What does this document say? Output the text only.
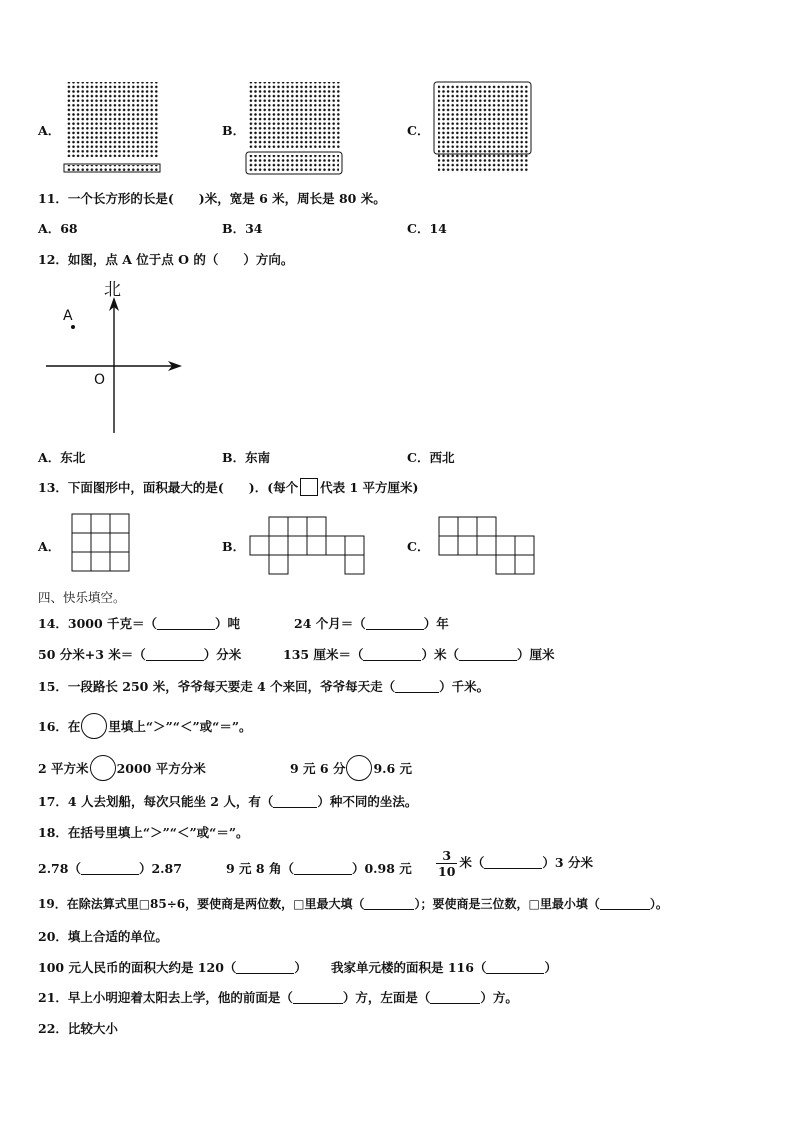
A．	B．	C．
11．一个长方形的长是(　　)米，宽是 6 米，周长是 80 米。
A．68	B．34	C．14
12．如图，点 A 位于点 O 的（　　）方向。
北
A
O
A．东北	B．东南	C．西北
13．下面图形中，面积最大的是(　　)．(每个 代表 1 平方厘米)
A．	B．	C．
四、快乐填空。
14．3000 千克＝（	）吨	24 个月＝（	）年
50 分米+3 米＝（	）分米	135 厘米＝（	）米（	）厘米
15．一段路长 250 米，爷爷每天要走 4 个来回，爷爷每天走（	）千米。
16．在 里填上“＞”“＜”或“＝”。
2 平方米 2000 平方分米	9 元 6 分 9.6 元
17．4 人去划船，每次只能坐 2 人，有（	）种不同的坐法。
18．在括号里填上“＞”“＜”或“＝”。
2.78（	）2.87	9 元 8 角（	）0.98 元 $\frac{3}{10}$ 米（	）3 分米
19．在除法算式里□85÷6，要使商是两位数，□里最大填（	）；要使商是三位数，□里最小填（	）。
20．填上合适的单位。
100 元人民币的面积大约是 120（	） 我家单元楼的面积是 116（	）
21．早上小明迎着太阳去上学，他的前面是（	）方，左面是（	）方。
22．比较大小
